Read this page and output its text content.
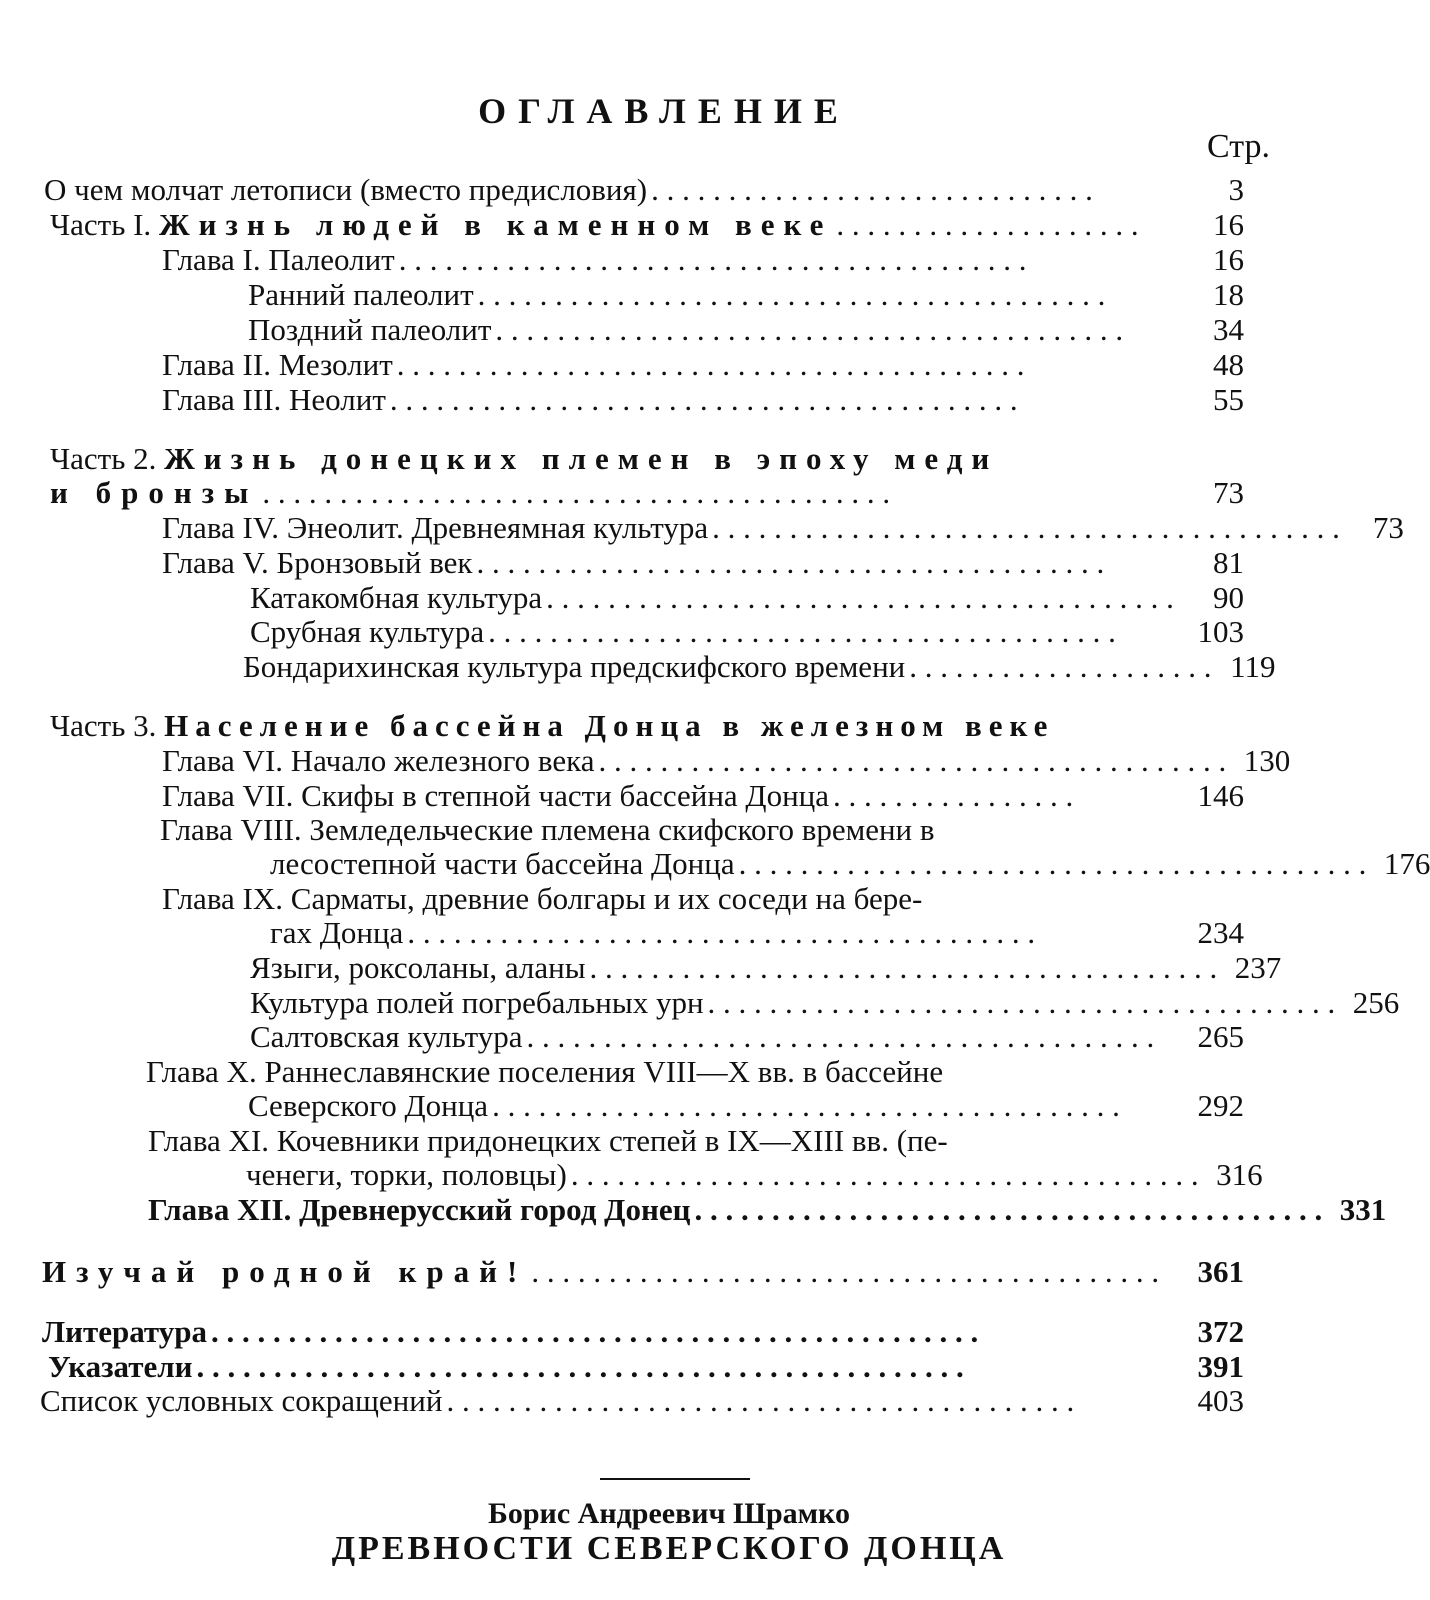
ОГЛАВЛЕНИЕ
Стр.
О чем молчат летописи (вместо предисловия) . . . . . . . . . . . . . . . . . . . . . . . . . . . . .	3
Часть I. Жизнь людей в каменном веке . . . . . . . . . . . . . . . . . . . .	16
Глава I. Палеолит . . . . . . . . . . . . . . . . . . . . . . . . . . . . . . . . . . . . . . . . .	16
Ранний палеолит . . . . . . . . . . . . . . . . . . . . . . . . . . . . . . . . . . . . . . . . .	18
Поздний палеолит . . . . . . . . . . . . . . . . . . . . . . . . . . . . . . . . . . . . . . . . .	34
Глава II. Мезолит . . . . . . . . . . . . . . . . . . . . . . . . . . . . . . . . . . . . . . . . .	48
Глава III. Неолит . . . . . . . . . . . . . . . . . . . . . . . . . . . . . . . . . . . . . . . . .	55
Часть 2. Жизнь донецких племен в эпоху меди
и бронзы . . . . . . . . . . . . . . . . . . . . . . . . . . . . . . . . . . . . . . . . .	73
Глава IV. Энеолит. Древнеямная культура . . . . . . . . . . . . . . . . . . . . . . . . . . . . . . . . . . . . . . . . .	73
Глава V. Бронзовый век . . . . . . . . . . . . . . . . . . . . . . . . . . . . . . . . . . . . . . . . .	81
Катакомбная культура . . . . . . . . . . . . . . . . . . . . . . . . . . . . . . . . . . . . . . . . .	90
Срубная культура . . . . . . . . . . . . . . . . . . . . . . . . . . . . . . . . . . . . . . . . .	103
Бондарихинская культура предскифского времени . . . . . . . . . . . . . . . . . . . . 119
Часть 3. Население бассейна Донца в железном веке
Глава VI. Начало железного века . . . . . . . . . . . . . . . . . . . . . . . . . . . . . . . . . . . . . . . . . 130
Глава VII. Скифы в степной части бассейна Донца . . . . . . . . . . . . . . . .	146
Глава VIII. Земледельческие племена скифского времени в
лесостепной части бассейна Донца . . . . . . . . . . . . . . . . . . . . . . . . . . . . . . . . . . . . . . . . . 176
Глава IX. Сарматы, древние болгары и их соседи на бере-
гах Донца . . . . . . . . . . . . . . . . . . . . . . . . . . . . . . . . . . . . . . . . .	234
Языги, роксоланы, аланы . . . . . . . . . . . . . . . . . . . . . . . . . . . . . . . . . . . . . . . . . 237
Культура полей погребальных урн . . . . . . . . . . . . . . . . . . . . . . . . . . . . . . . . . . . . . . . . . 256
Салтовская культура . . . . . . . . . . . . . . . . . . . . . . . . . . . . . . . . . . . . . . . . .	265
Глава X. Раннеславянские поселения VIII—X вв. в бассейне
Северского Донца . . . . . . . . . . . . . . . . . . . . . . . . . . . . . . . . . . . . . . . . .	292
Глава XI. Кочевники придонецких степей в IX—XIII вв. (пе-
ченеги, торки, половцы) . . . . . . . . . . . . . . . . . . . . . . . . . . . . . . . . . . . . . . . . . 316
Глава XII. Древнерусский город Донец . . . . . . . . . . . . . . . . . . . . . . . . . . . . . . . . . . . . . . . . . 331
Изучай родной край! . . . . . . . . . . . . . . . . . . . . . . . . . . . . . . . . . . . . . . . . .	361
Литература . . . . . . . . . . . . . . . . . . . . . . . . . . . . . . . . . . . . . . . . . . . . . . . . . .	372
Указатели . . . . . . . . . . . . . . . . . . . . . . . . . . . . . . . . . . . . . . . . . . . . . . . . . .	391
Список условных сокращений . . . . . . . . . . . . . . . . . . . . . . . . . . . . . . . . . . . . . . . . .	403
Борис Андреевич Шрамко
ДРЕВНОСТИ СЕВЕРСКОГО ДОНЦА
